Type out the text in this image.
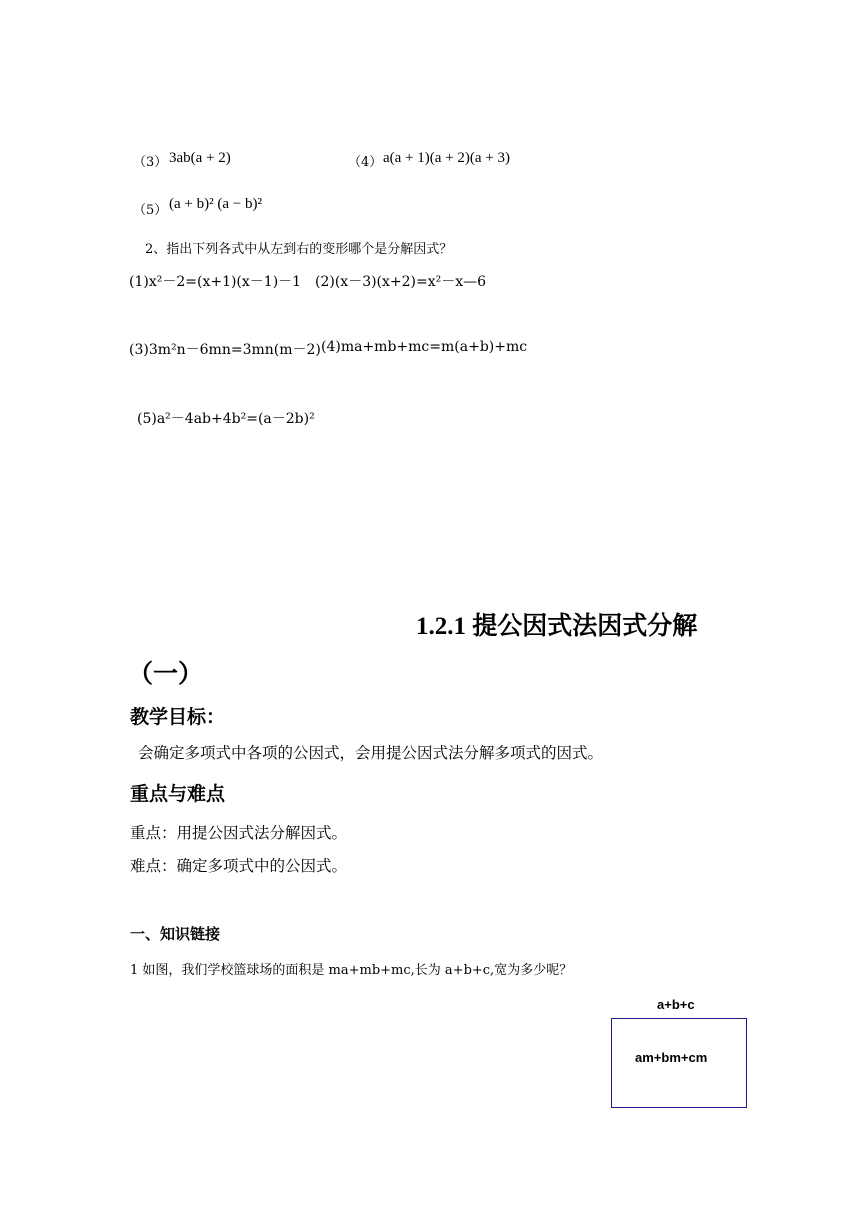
（3） 3ab(a + 2)	（4） a(a + 1)(a + 2)(a + 3)
（5） (a + b)² (a − b)²
2、指出下列各式中从左到右的变形哪个是分解因式？
(1)x²－2=(x+1)(x－1)－1 (2)(x－3)(x+2)=x²－x—6
(3)3m²n－6mn=3mn(m－2) (4)ma+mb+mc=m(a+b)+mc
(5)a²－4ab+4b²=(a－2b)²
1.2.1 提公因式法因式分解
（一）
教学目标：
会确定多项式中各项的公因式，会用提公因式法分解多项式的因式。
重点与难点
重点：用提公因式法分解因式。
难点：确定多项式中的公因式。
一、知识链接
1 如图，我们学校篮球场的面积是 ma+mb+mc,长为 a+b+c,宽为多少呢？
a+b+c
am+bm+cm
